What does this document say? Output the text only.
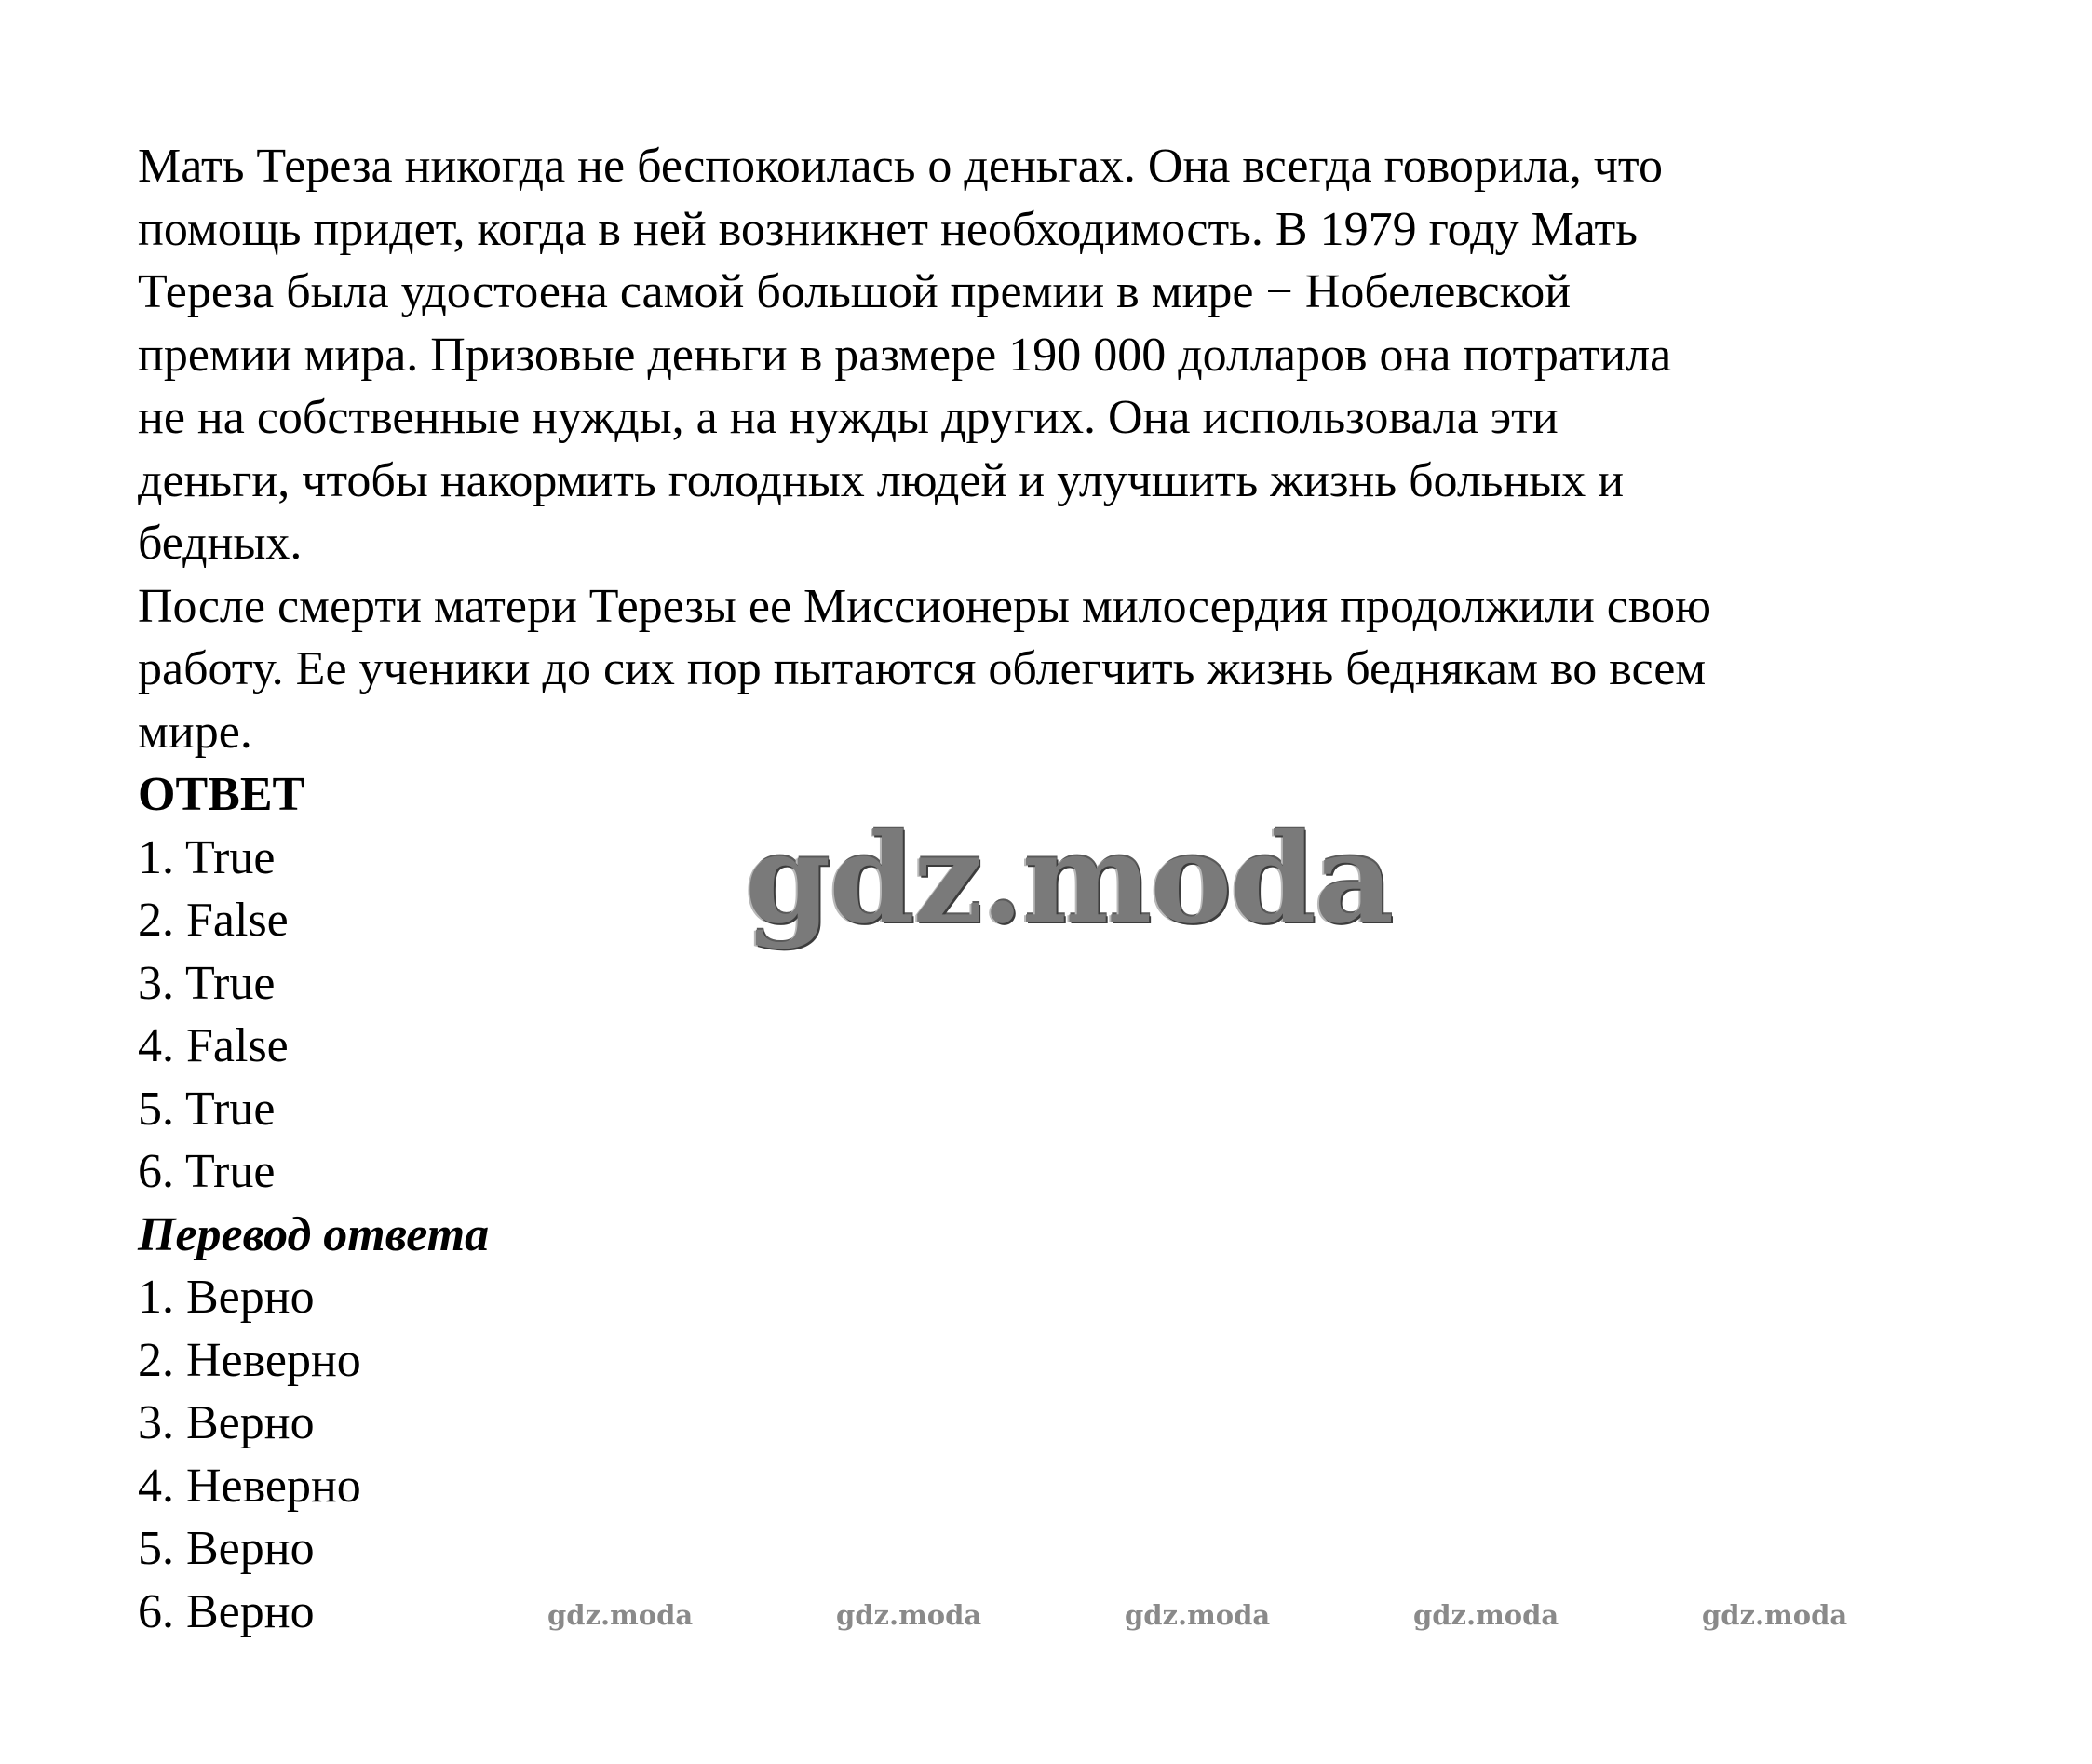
Мать Тереза никогда не беспокоилась о деньгах. Она всегда говорила, что
помощь придет, когда в ней возникнет необходимость. В 1979 году Мать
Тереза была удостоена самой большой премии в мире − Нобелевской
премии мира. Призовые деньги в размере 190 000 долларов она потратила
не на собственные нужды, а на нужды других. Она использовала эти
деньги, чтобы накормить голодных людей и улучшить жизнь больных и
бедных.
После смерти матери Терезы ее Миссионеры милосердия продолжили свою
работу. Ее ученики до сих пор пытаются облегчить жизнь беднякам во всем
мире.
ОТВЕТ
1. True
2. False
3. True
4. False
5. True
6. True
Перевод ответа
1. Верно
2. Неверно
3. Верно
4. Неверно
5. Верно
6. Верно
gdz.moda
gdz.moda	gdz.moda	gdz.moda	gdz.moda	gdz.moda
